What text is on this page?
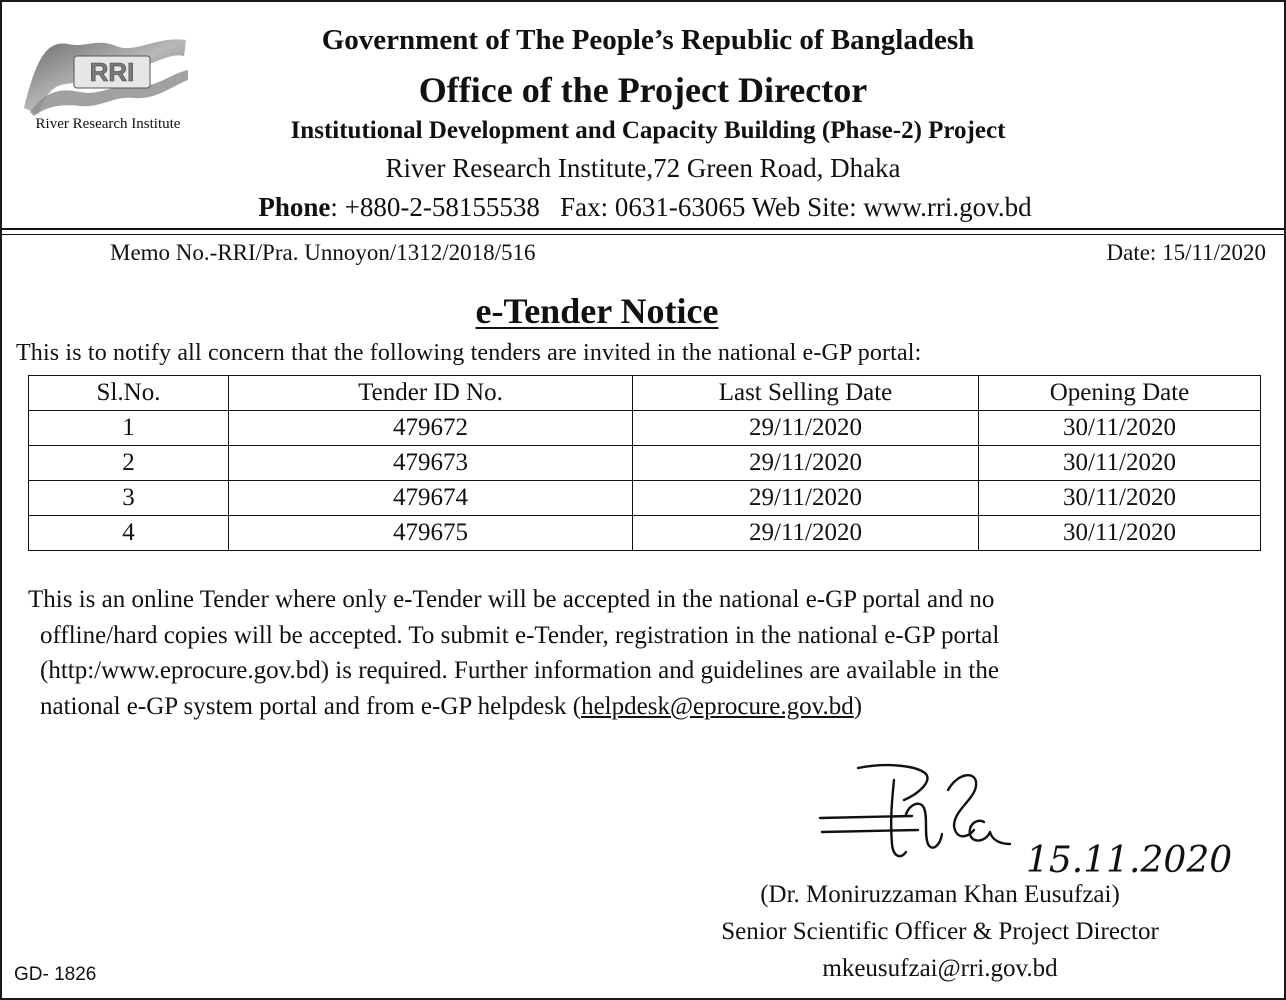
RRI
River Research Institute
Government of The People’s Republic of Bangladesh
Office of the Project Director
Institutional Development and Capacity Building (Phase-2) Project
River Research Institute,72 Green Road, Dhaka
Phone: +880-2-58155538   Fax: 0631-63065 Web Site: www.rri.gov.bd
Memo No.-RRI/Pra. Unnoyon/1312/2018/516	Date: 15/11/2020
e-Tender Notice
This is to notify all concern that the following tenders are invited in the national e-GP portal:
Sl.No.	Tender ID No.	Last Selling Date	Opening Date
1	479672	29/11/2020	30/11/2020
2	479673	29/11/2020	30/11/2020
3	479674	29/11/2020	30/11/2020
4	479675	29/11/2020	30/11/2020
This is an online Tender where only e-Tender will be accepted in the national e-GP portal and no
offline/hard copies will be accepted. To submit e-Tender, registration in the national e-GP portal
(http:/www.eprocure.gov.bd) is required. Further information and guidelines are available in the
national e-GP system portal and from e-GP helpdesk (helpdesk@eprocure.gov.bd)
15.11.2020
(Dr. Moniruzzaman Khan Eusufzai)
Senior Scientific Officer & Project Director
mkeusufzai@rri.gov.bd
GD- 1826
